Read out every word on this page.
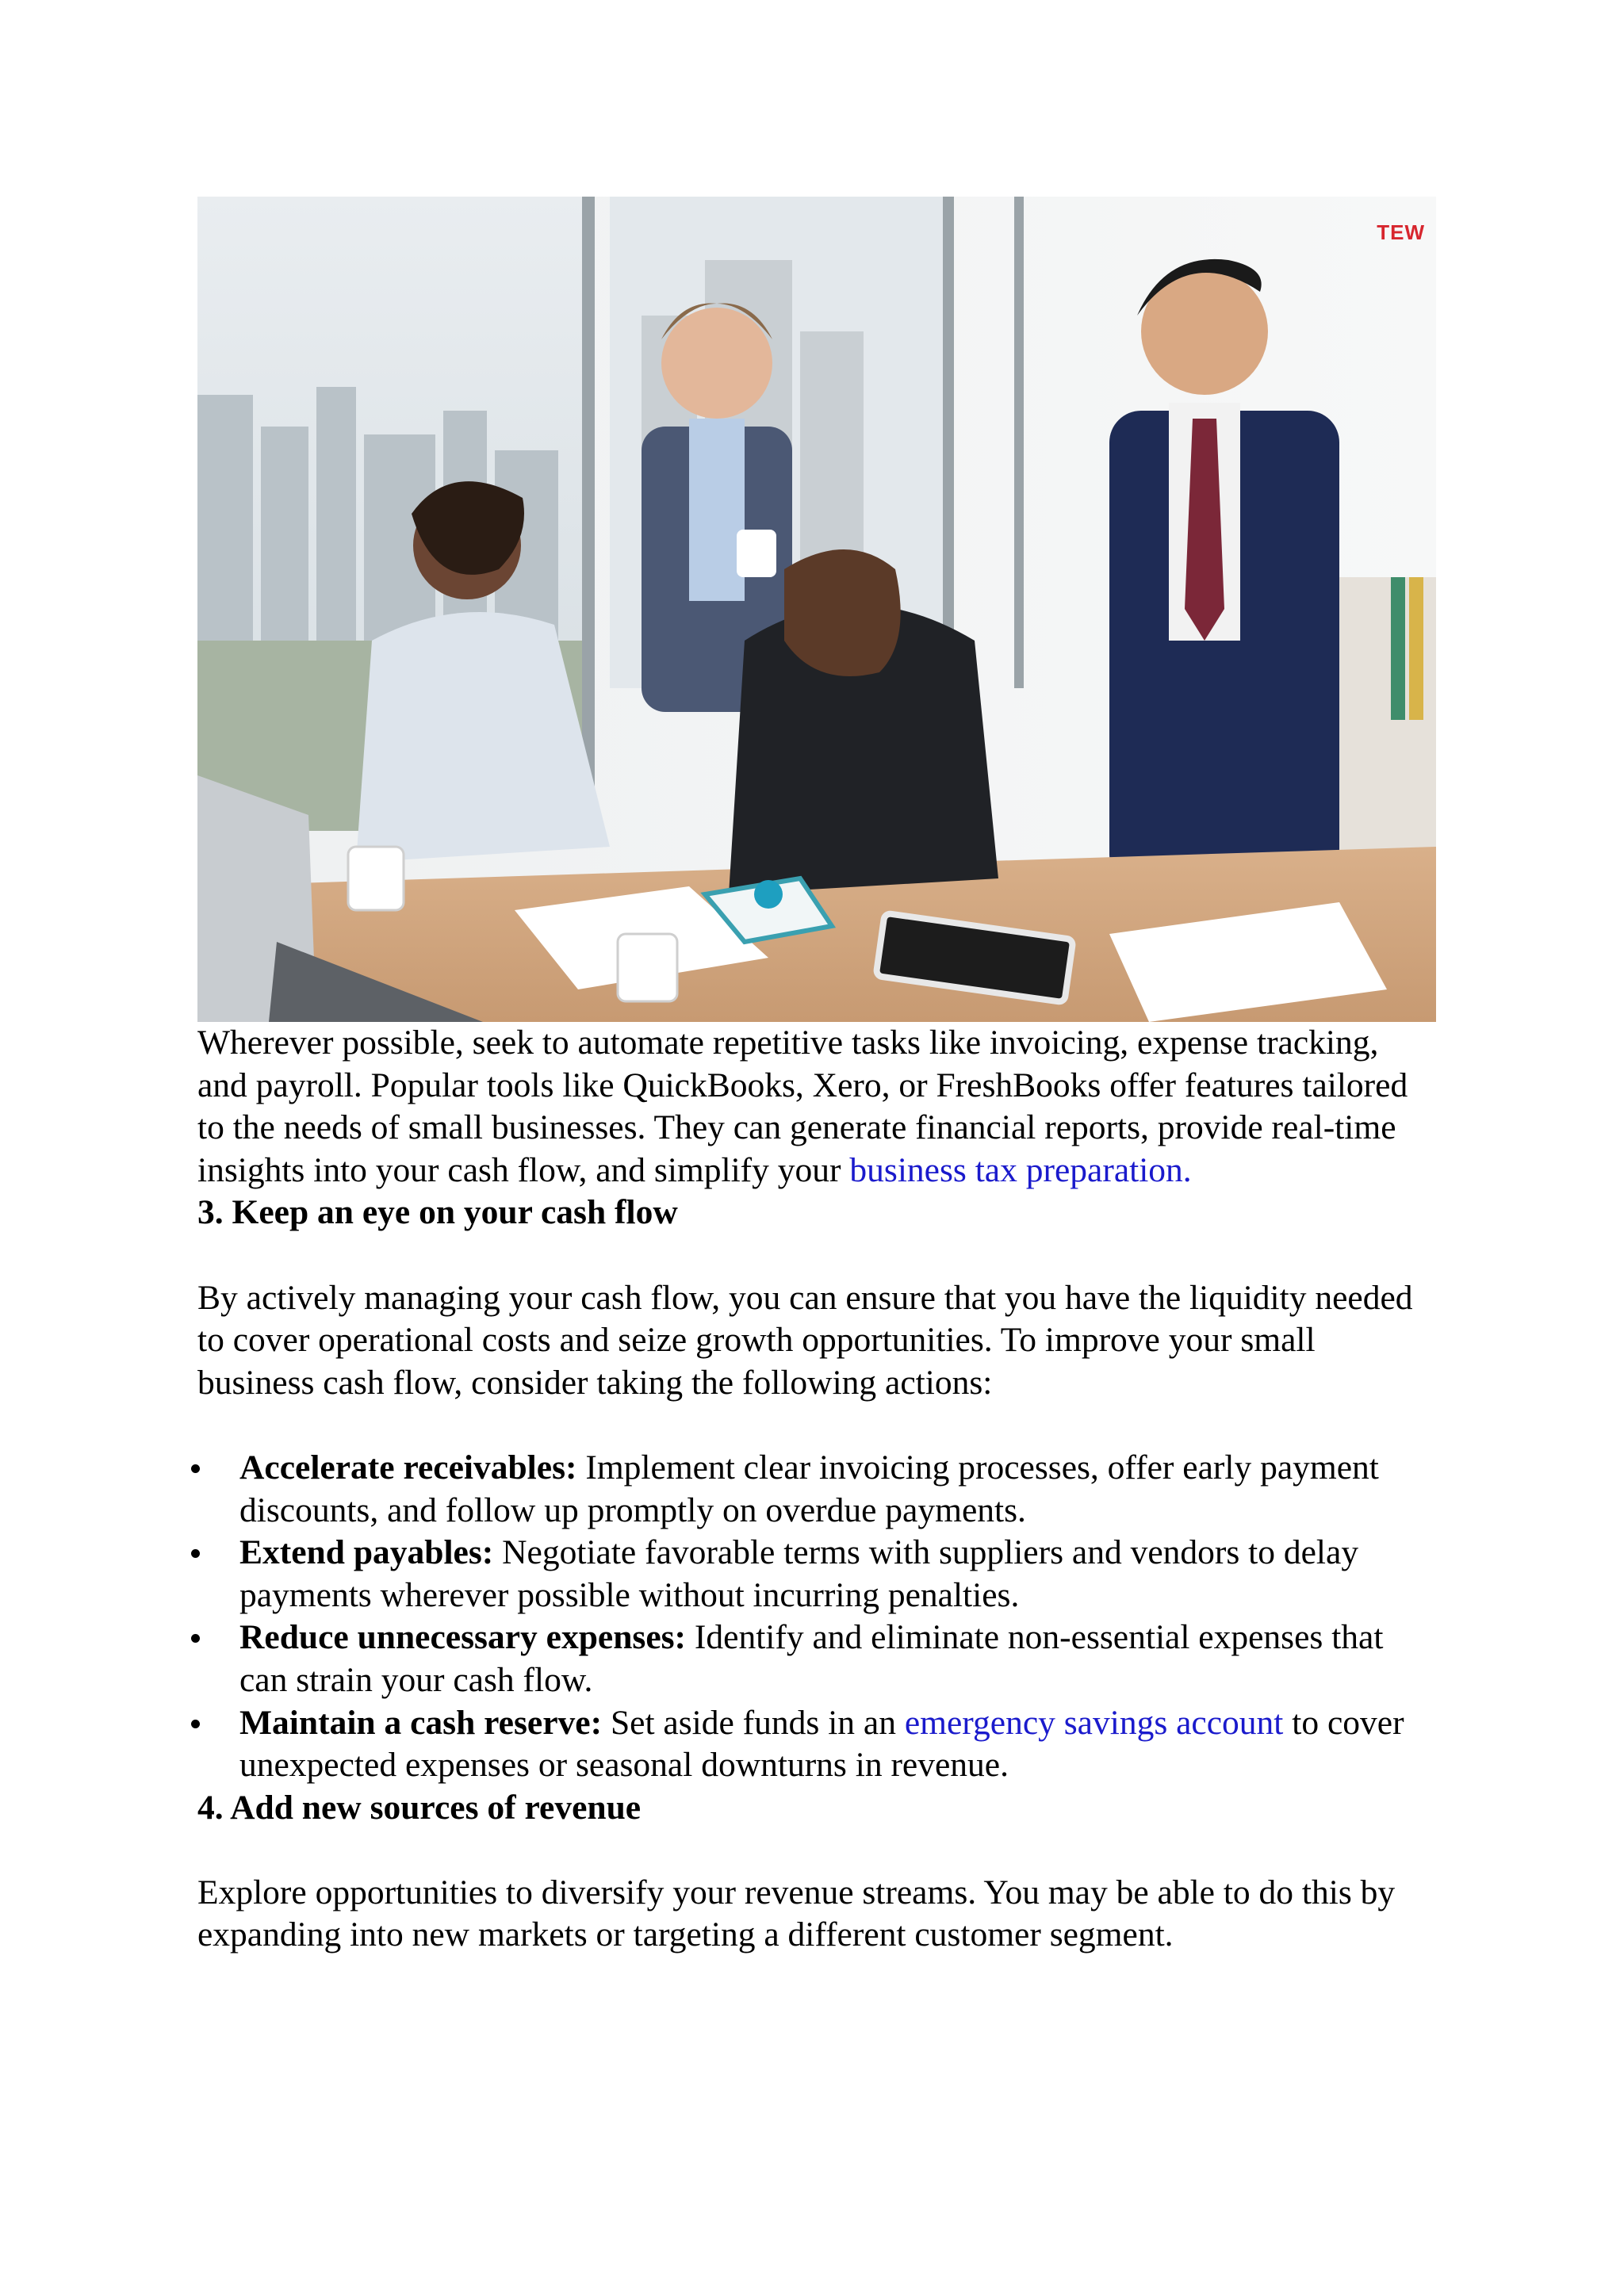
TEW

Wherever possible, seek to automate repetitive tasks like invoicing, expense tracking, and payroll. Popular tools like QuickBooks, Xero, or FreshBooks offer features tailored to the needs of small businesses. They can generate financial reports, provide real-time insights into your cash flow, and simplify your business tax preparation.

3. Keep an eye on your cash flow

By actively managing your cash flow, you can ensure that you have the liquidity needed to cover operational costs and seize growth opportunities. To improve your small business cash flow, consider taking the following actions:

Accelerate receivables: Implement clear invoicing processes, offer early payment discounts, and follow up promptly on overdue payments.
Extend payables: Negotiate favorable terms with suppliers and vendors to delay payments wherever possible without incurring penalties.
Reduce unnecessary expenses: Identify and eliminate non-essential expenses that can strain your cash flow.
Maintain a cash reserve: Set aside funds in an emergency savings account to cover unexpected expenses or seasonal downturns in revenue.
4. Add new sources of revenue

Explore opportunities to diversify your revenue streams. You may be able to do this by expanding into new markets or targeting a different customer segment.
